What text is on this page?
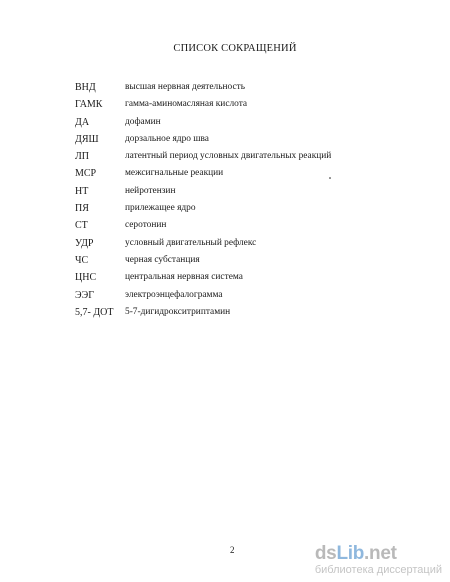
СПИСОК СОКРАЩЕНИЙ
ВНД	высшая нервная деятельность
ГАМК	гамма-аминомасляная кислота
ДА	дофамин
ДЯШ	дорзальное ядро шва
ЛП	латентный период условных двигательных реакций
МСР	межсигнальные реакции
НТ	нейротензин
ПЯ	прилежащее ядро
СТ	серотонин
УДР	условный двигательный рефлекс
ЧС	черная субстанция
ЦНС	центральная нервная система
ЭЭГ	электроэнцефалограмма
5,7- ДОТ	5-7-дигидрокситриптамин
2	dsLib.net
библиотека диссертаций
